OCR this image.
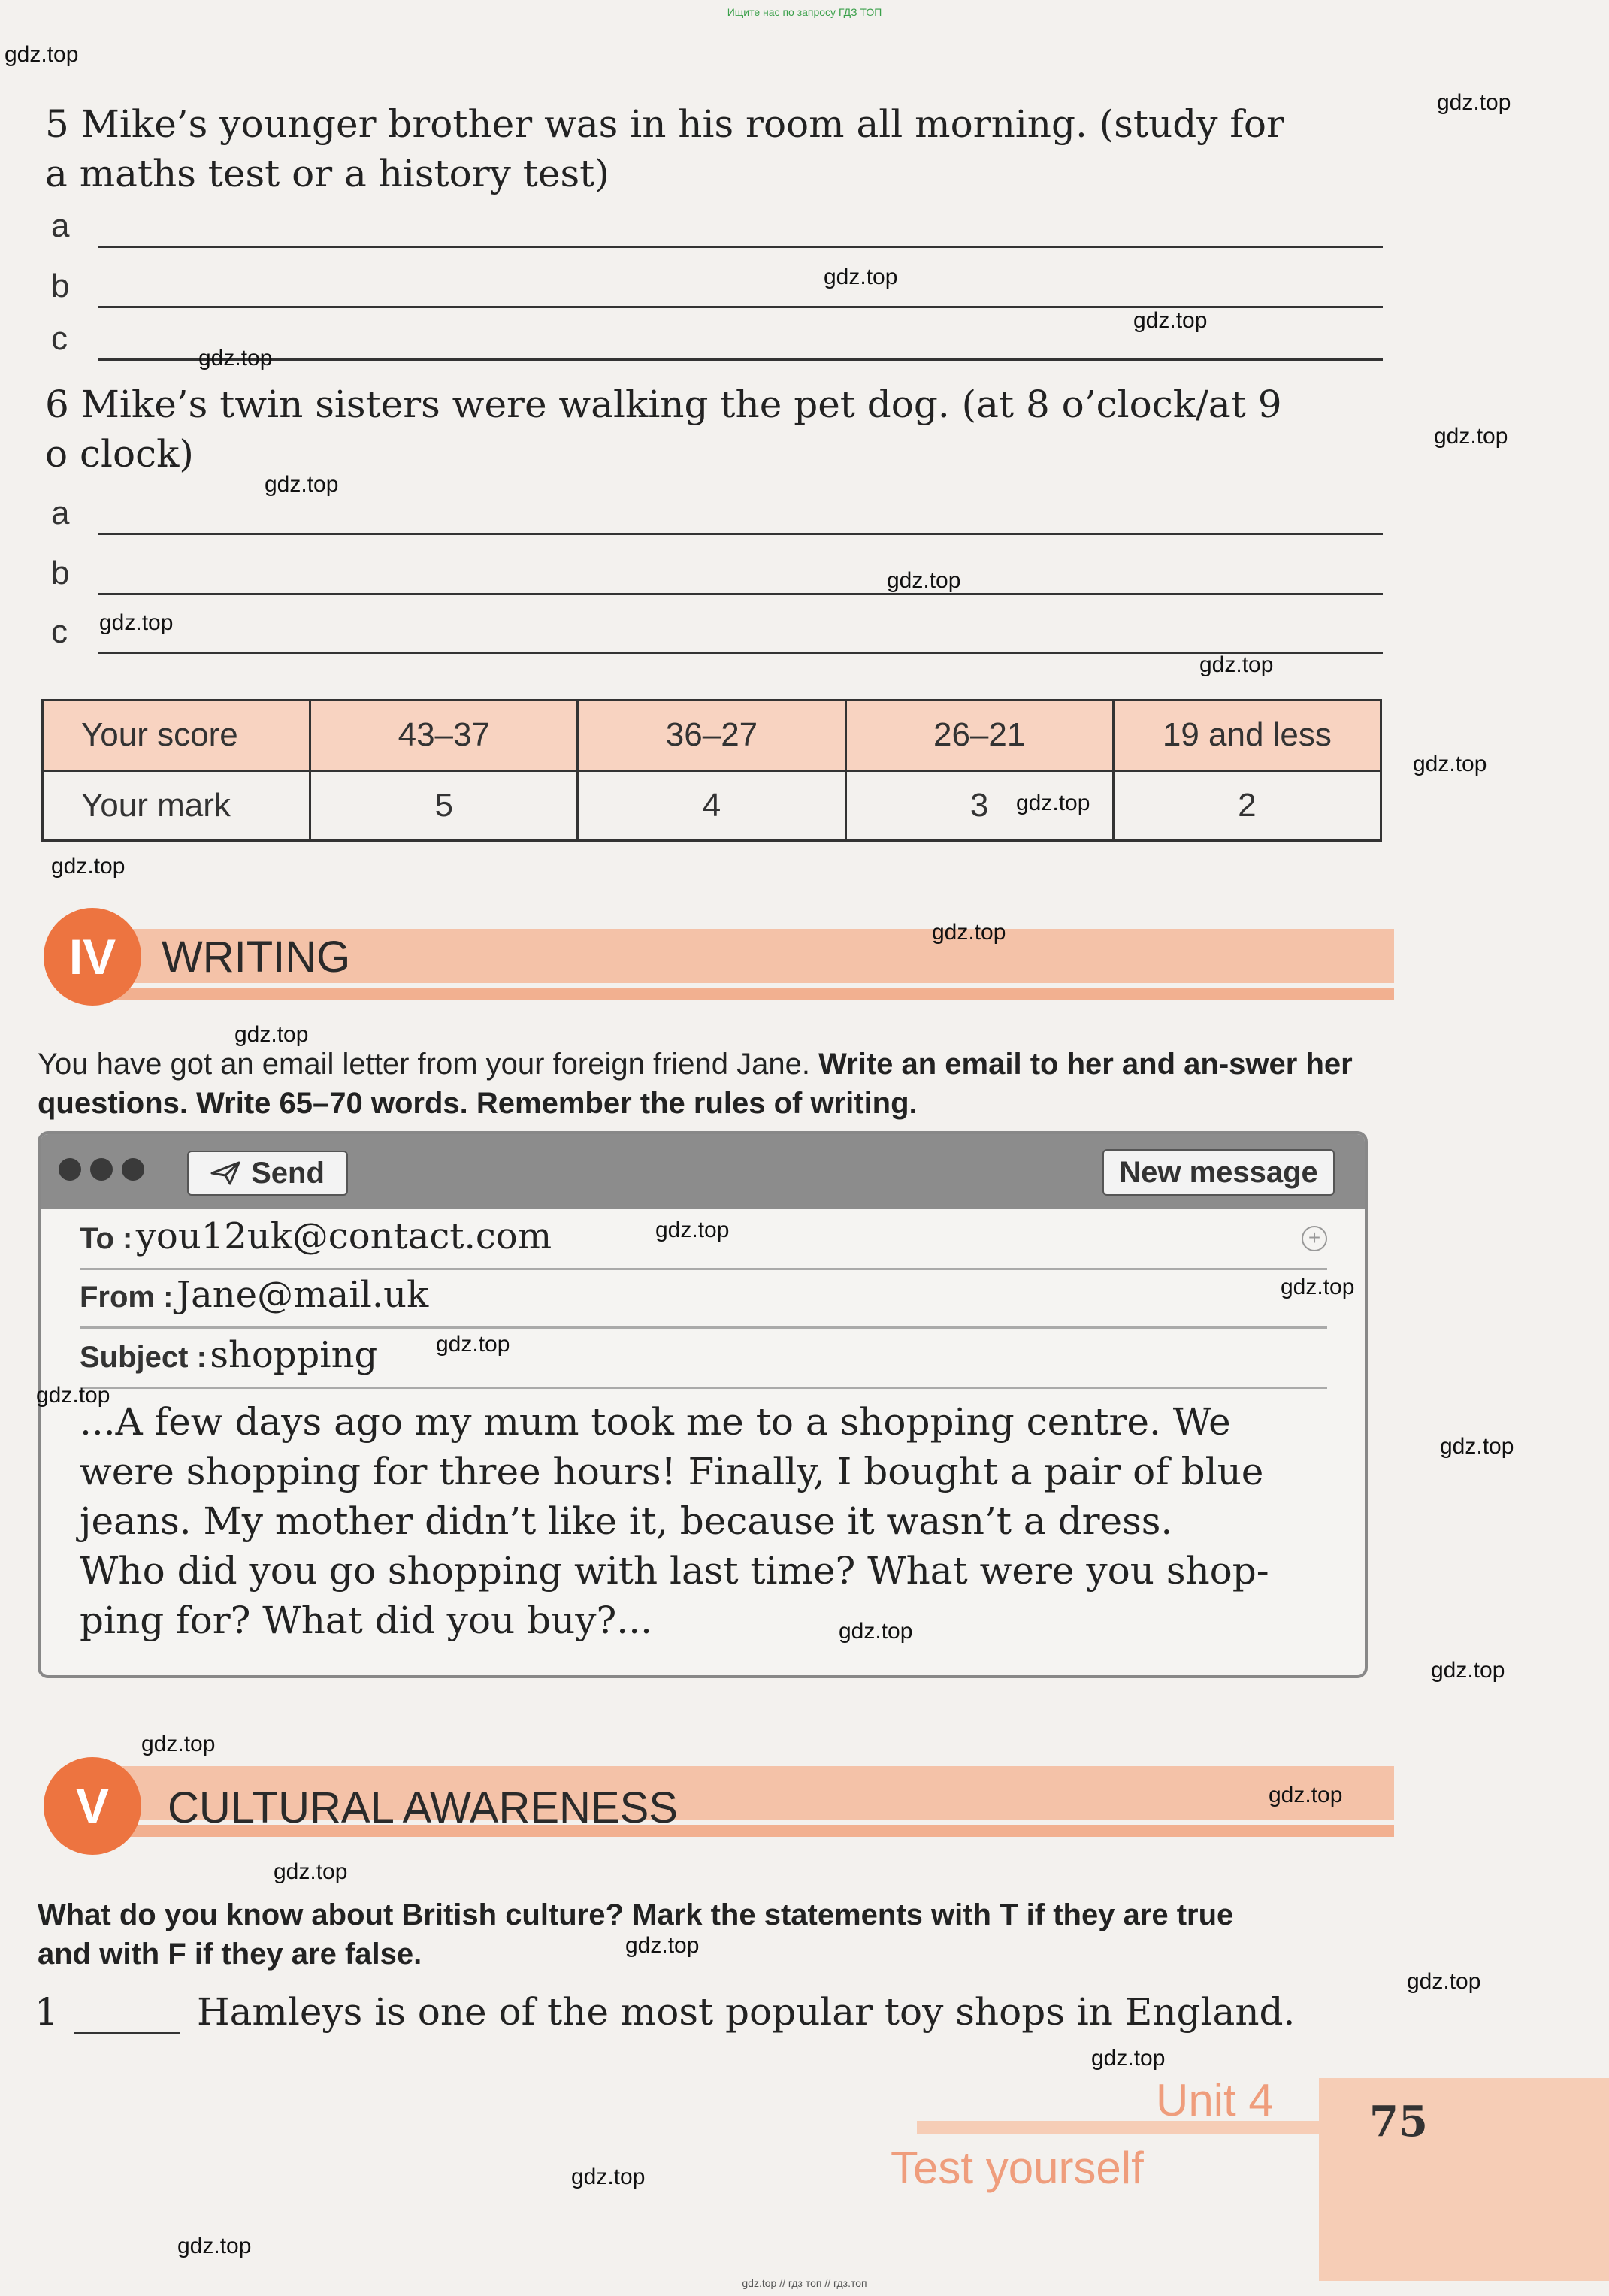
Ищите нас по запросу ГДЗ ТОП
5 Mike’s younger brother was in his room all morning. (study for
a maths test or a history test)
a
b
c
6 Mike’s twin sisters were walking the pet dog. (at 8 o’clock/at 9
o clock)
a
b
c
Your score	43–37	36–27	26–21	19 and less
Your mark	5	4	3	2
IV	WRITING
You have got an email letter from your foreign friend Jane. Write an email to her and an-swer her questions. Write 65–70 words. Remember the rules of writing.
Send	New message
To : you12uk@contact.com	+
From : Jane@mail.uk
Subject : shopping
...A few days ago my mum took me to a shopping centre. We
were shopping for three hours! Finally, I bought a pair of blue
jeans. My mother didn’t like it, because it wasn’t a dress.
Who did you go shopping with last time? What were you shop-
ping for? What did you buy?...
V	CULTURAL AWARENESS
What do you know about British culture? Mark the statements with T if they are true
and with F if they are false.
1	Hamleys is one of the most popular toy shops in England.
Unit 4
Test yourself
75
gdz.top
gdz.top
gdz.top
gdz.top
gdz.top
gdz.top
gdz.top
gdz.top
gdz.top
gdz.top
gdz.top
gdz.top
gdz.top
gdz.top
gdz.top
gdz.top
gdz.top
gdz.top
gdz.top
gdz.top
gdz.top
gdz.top
gdz.top
gdz.top
gdz.top
gdz.top
gdz.top
gdz.top
gdz.top
gdz.top
gdz.top // гдз топ // гдз.топ
